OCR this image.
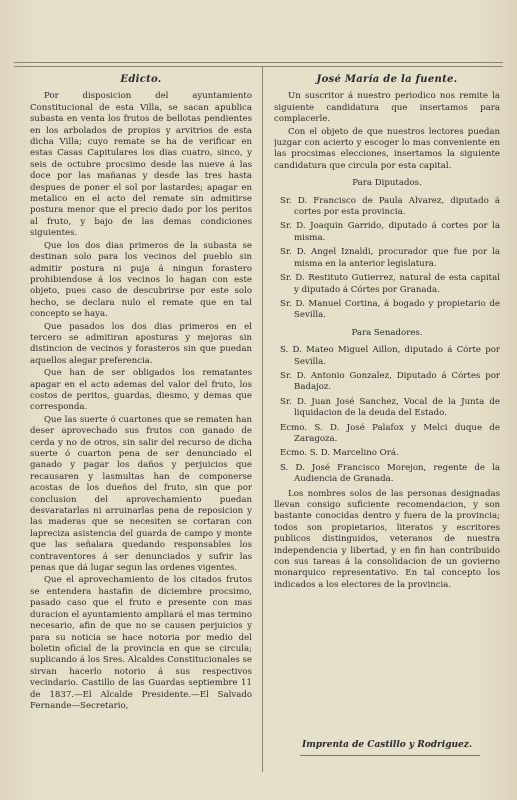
Edicto.

Por disposicion del ayuntamiento Constitucional de esta Villa, se sacan apublica subasta en venta los frutos de bellotas pendientes en los arbolados de propios y arvitrios de esta dicha Villa; cuyo remate se ha de verificar en estas Casas Capitulares los dias cuatro, sinco, y seis de octubre procsimo desde las nueve á las doce por las mañanas y desde las tres hasta despues de poner el sol por lastardes; apagar en metalico en el acto del remate sin admitirse postura menor que el precio dado por los peritos al fruto, y bajo de las demas condiciones siguientes.

Que los dos dias primeros de la subasta se destinan solo para los vecinos del pueblo sin admitir postura ni puja á ningun forastero prohibiendose á los vecinos lo hagan con este objeto, pues caso de descubrirse por este solo hecho, se declara nulo el remate que en tal concepto se haya.

Que pasados los dos dias primeros en el tercero se admitiran aposturas y mejoras sin distincion de vecinos y forasteros sin que puedan aquellos alegar preferencia.

Que han de ser obligados los rematantes apagar en el acto ademas del valor del fruto, los costos de peritos, guardas, diesmo, y demas que corresponda.

Que las suerte ó cuartones que se rematen han deser aprovechado sus frutos con ganado de cerda y no de otros, sin salir del recurso de dicha suerte ó cuarton pena de ser denunciado el ganado y pagar los daños y perjuicios que recausaren y lasmultas han de componerse acostas de los dueños del fruto, sin que por conclusion del aprovechamiento puedan desvaratarlas ni arruinarlas pena de reposicion y las maderas que se necesiten se cortaran con lapreciza asistencia del guarda de campo y monte que las señalara quedando responsables los contraventores á ser denunciados y sufrir las penas que dá lugar segun las ordenes vigentes.

Que el aprovechamiento de los citados frutos se entendera hastafin de diciembre procsimo, pasado caso que el fruto e presente con mas duracion el ayuntamiento ampliará el mas termino necesario, afin de que no se causen perjuicios y para su noticia se hace notoria por medio del boletin oficial de la provincia en que se circula; suplicando á los Sres. Alcaldes Constitucionales se sirvan hacerlo notorio á sus respectivos vecindario. Castillo de las Guardas septiembre 11 de 1837.—El Alcalde Presidente.—El Salvado Fernande—Secretario,

José María de la fuente.

Un suscritor á nuestro periodico nos remite la siguiente candidatura que insertamos para complacerle.

Con el objeto de que nuestros lectores puedan juzgar con acierto y escoger lo mas conveniente en las procsimas elecciones, insertamos la siguiente candidatura que circula por esta capital.

Para Diputados.

Sr. D. Francisco de Paula Alvarez, diputado á cortes por esta provincia.

Sr. D. Joaquin Garrido, diputado á cortes por la misma.

Sr. D. Angel Iznaldi, procurador que fue por la misma en la anterior legislatura.

Sr. D. Restituto Gutierrez, natural de esta capital y diputado á Córtes por Granada.

Sr. D. Manuel Cortina, á bogado y propietario de Sevilla.

Para Senadores.

S. D. Mateo Miguel Aillon, diputado á Córte por Sevilla.

Sr. D. Antonio Gonzalez, Diputado á Córtes por Badajoz.

Sr. D. Juan José Sanchez, Vocal de la Junta de liquidacion de la deuda del Estado.

Ecmo. S. D. José Palafox y Melci duque de Zaragoza.

Ecmo. S. D. Marcelino Orá.

S. D. José Francisco Morejon, regente de la Audiencia de Granada.

Los nombres solos de las personas designadas llevan consigo suficiente recomendacion, y son bastante conocidas dentro y fuera de la provincia; todos son propietarios, literatos y escritores publicos distinguidos, veteranos de nuestra independencia y libertad, y en fin han contribuido con sus tareas á la consolidacion de un govierno monarquico representativo. En tal concepto los indicados a los electores de la provincia.

Imprenta de Castillo y Rodriguez.
